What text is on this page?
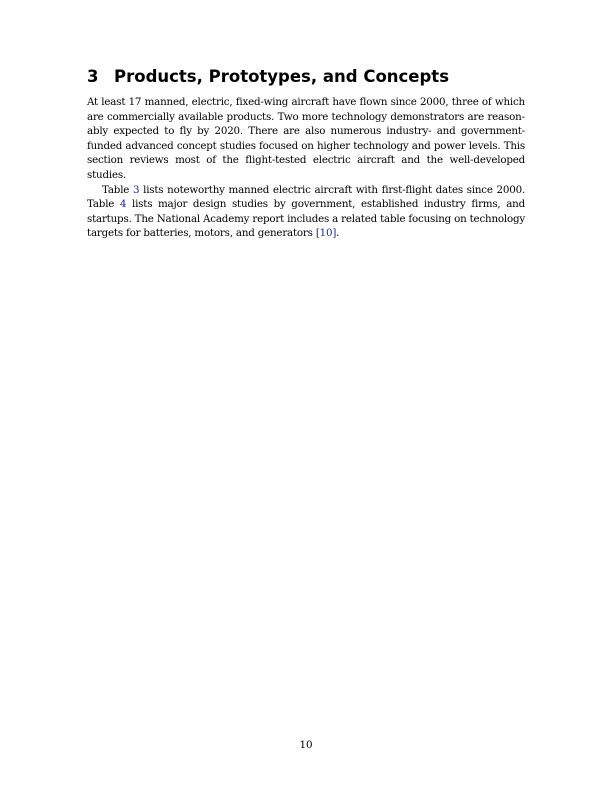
3 Products, Prototypes, and Concepts

At least 17 manned, electric, fixed-wing aircraft have flown since 2000, three of which are commercially available products. Two more technology demonstrators are reasonably expected to fly by 2020. There are also numerous industry- and government-funded advanced concept studies focused on higher technology and power levels. This section reviews most of the flight-tested electric aircraft and the well-developed studies.

Table 3 lists noteworthy manned electric aircraft with first-flight dates since 2000. Table 4 lists major design studies by government, established industry firms, and startups. The National Academy report includes a related table focusing on technology targets for batteries, motors, and generators [10].

10
